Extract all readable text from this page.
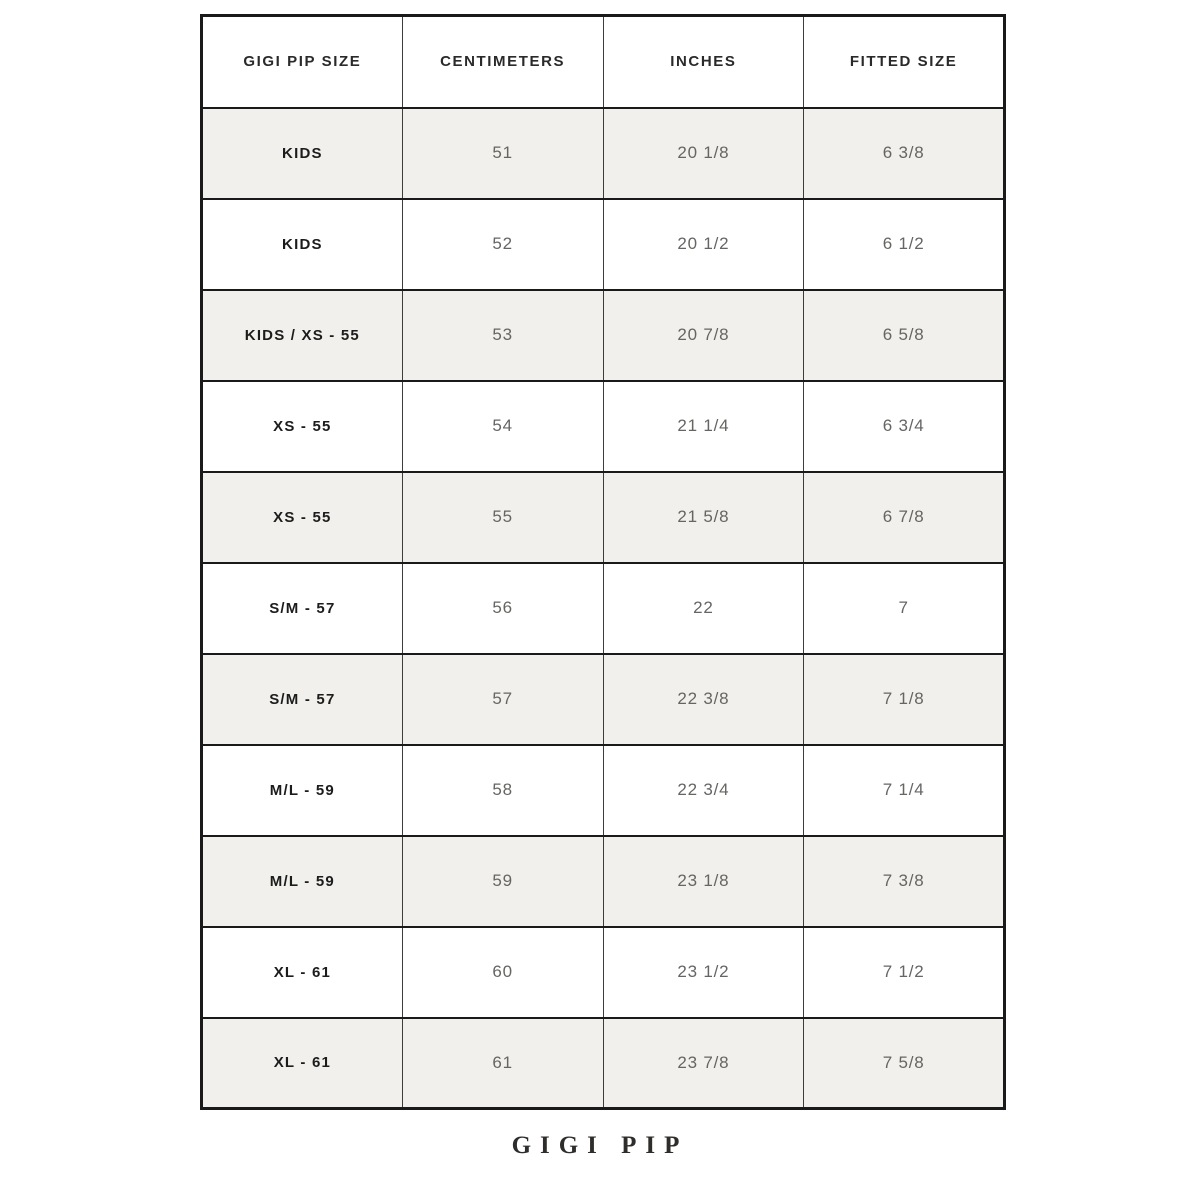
GIGI PIP SIZE	CENTIMETERS	INCHES	FITTED SIZE
KIDS	51	20 1/8	6 3/8
KIDS	52	20 1/2	6 1/2
KIDS / XS - 55	53	20 7/8	6 5/8
XS - 55	54	21 1/4	6 3/4
XS - 55	55	21 5/8	6 7/8
S/M - 57	56	22	7
S/M - 57	57	22 3/8	7 1/8
M/L - 59	58	22 3/4	7 1/4
M/L - 59	59	23 1/8	7 3/8
XL - 61	60	23 1/2	7 1/2
XL - 61	61	23 7/8	7 5/8
GIGI PIP
